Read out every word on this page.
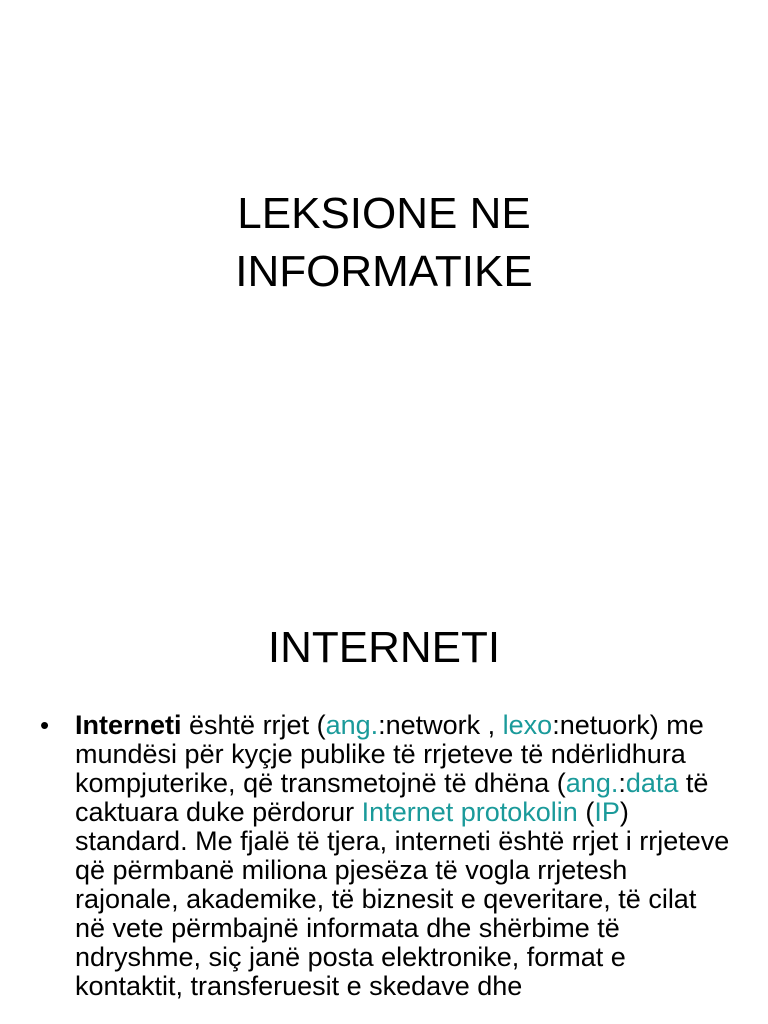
LEKSIONE NE
INFORMATIKE
INTERNETI
• Interneti është rrjet (ang.:network , lexo:netuork) me mundësi për kyçje publike të rrjeteve të ndërlidhura kompjuterike, që transmetojnë të dhëna (ang.:data të caktuara duke përdorur Internet protokolin (IP) standard. Me fjalë të tjera, interneti është rrjet i rrjeteve që përmbanë miliona pjesëza të vogla rrjetesh rajonale, akademike, të biznesit e qeveritare, të cilat në vete përmbajnë informata dhe shërbime të ndryshme, siç janë posta elektronike, format e kontaktit, transferuesit e skedave dhe
